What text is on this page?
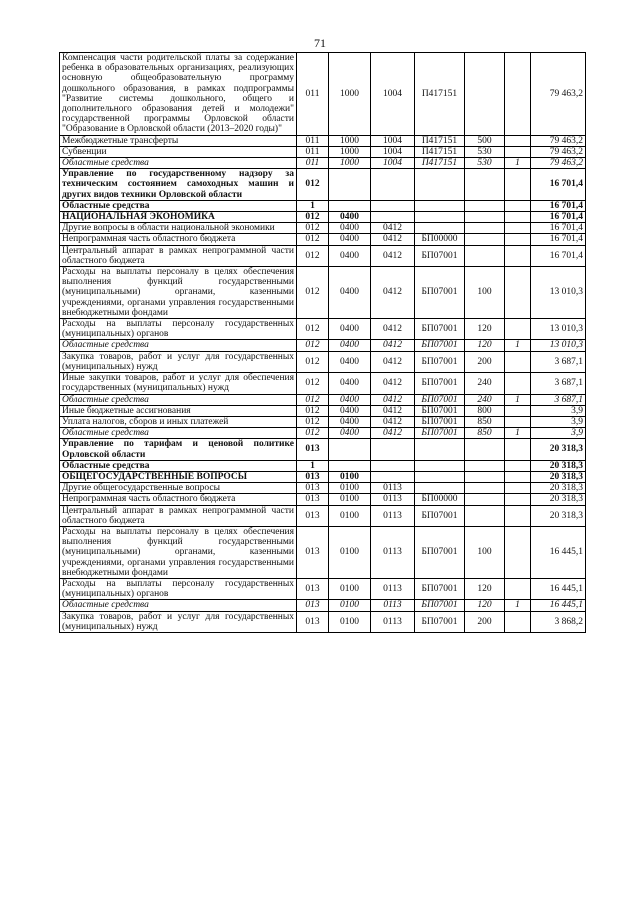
71
Компенсация части родительской платы за содержание ребенка в образовательных организациях, реализующих основную общеобразовательную программу дошкольного образования, в рамках подпрограммы "Развитие системы дошкольного, общего и дополнительного образования детей и молодежи" государственной программы Орловской области "Образование в Орловской области (2013–2020 годы)"	011	1000	1004	П417151			79 463,2
Межбюджетные трансферты	011	1000	1004	П417151	500		79 463,2
Субвенции	011	1000	1004	П417151	530		79 463,2
Областные средства	011	1000	1004	П417151	530	1	79 463,2
Управление по государственному надзору за техническим состоянием самоходных машин и других видов техники Орловской области	012						16 701,4
Областные средства	1						16 701,4
НАЦИОНАЛЬНАЯ ЭКОНОМИКА	012	0400					16 701,4
Другие вопросы в области национальной экономики	012	0400	0412				16 701,4
Непрограммная часть областного бюджета	012	0400	0412	БП00000			16 701,4
Центральный аппарат в рамках непрограммной части областного бюджета	012	0400	0412	БП07001			16 701,4
Расходы на выплаты персоналу в целях обеспечения выполнения функций государственными (муниципальными) органами, казенными учреждениями, органами управления государственными внебюджетными фондами	012	0400	0412	БП07001	100		13 010,3
Расходы на выплаты персоналу государственных (муниципальных) органов	012	0400	0412	БП07001	120		13 010,3
Областные средства	012	0400	0412	БП07001	120	1	13 010,3
Закупка товаров, работ и услуг для государственных (муниципальных) нужд	012	0400	0412	БП07001	200		3 687,1
Иные закупки товаров, работ и услуг для обеспечения государственных (муниципальных) нужд	012	0400	0412	БП07001	240		3 687,1
Областные средства	012	0400	0412	БП07001	240	1	3 687,1
Иные бюджетные ассигнования	012	0400	0412	БП07001	800		3,9
Уплата налогов, сборов и иных платежей	012	0400	0412	БП07001	850		3,9
Областные средства	012	0400	0412	БП07001	850	1	3,9
Управление по тарифам и ценовой политике Орловской области	013						20 318,3
Областные средства	1						20 318,3
ОБЩЕГОСУДАРСТВЕННЫЕ ВОПРОСЫ	013	0100					20 318,3
Другие общегосударственные вопросы	013	0100	0113				20 318,3
Непрограммная часть областного бюджета	013	0100	0113	БП00000			20 318,3
Центральный аппарат в рамках непрограммной части областного бюджета	013	0100	0113	БП07001			20 318,3
Расходы на выплаты персоналу в целях обеспечения выполнения функций государственными (муниципальными) органами, казенными учреждениями, органами управления государственными внебюджетными фондами	013	0100	0113	БП07001	100		16 445,1
Расходы на выплаты персоналу государственных (муниципальных) органов	013	0100	0113	БП07001	120		16 445,1
Областные средства	013	0100	0113	БП07001	120	1	16 445,1
Закупка товаров, работ и услуг для государственных (муниципальных) нужд	013	0100	0113	БП07001	200		3 868,2
